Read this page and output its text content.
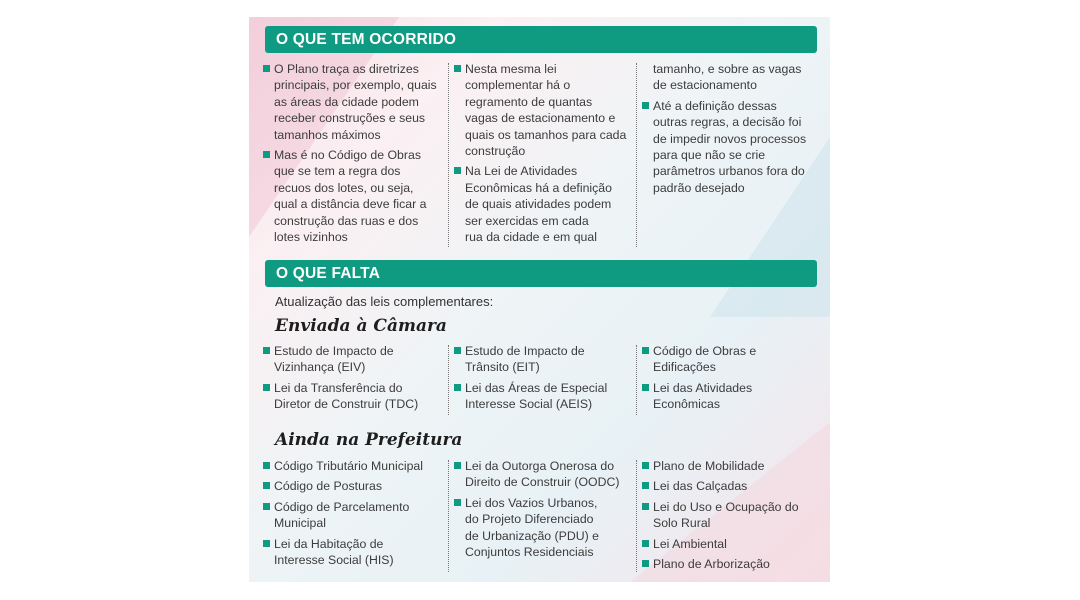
O QUE TEM OCORRIDO
O Plano traça as diretrizes
principais, por exemplo, quais
as áreas da cidade podem
receber construções e seus
tamanhos máximos
Mas é no Código de Obras
que se tem a regra dos
recuos dos lotes, ou seja,
qual a distância deve ficar a
construção das ruas e dos
lotes vizinhos
Nesta mesma lei
complementar há o
regramento de quantas
vagas de estacionamento e
quais os tamanhos para cada
construção
Na Lei de Atividades
Econômicas há a definição
de quais atividades podem
ser exercidas em cada
rua da cidade e em qual
tamanho, e sobre as vagas
de estacionamento
Até a definição dessas
outras regras, a decisão foi
de impedir novos processos
para que não se crie
parâmetros urbanos fora do
padrão desejado
O QUE FALTA
Atualização das leis complementares:
Enviada à Câmara
Estudo de Impacto de
Vizinhança (EIV)
Lei da Transferência do
Diretor de Construir (TDC)
Estudo de Impacto de
Trânsito (EIT)
Lei das Áreas de Especial
Interesse Social (AEIS)
Código de Obras e
Edificações
Lei das Atividades
Econômicas
Ainda na Prefeitura
Código Tributário Municipal
Código de Posturas
Código de Parcelamento
Municipal
Lei da Habitação de
Interesse Social (HIS)
Lei da Outorga Onerosa do
Direito de Construir (OODC)
Lei dos Vazios Urbanos,
do Projeto Diferenciado
de Urbanização (PDU) e
Conjuntos Residenciais
Plano de Mobilidade
Lei das Calçadas
Lei do Uso e Ocupação do
Solo Rural
Lei Ambiental
Plano de Arborização
